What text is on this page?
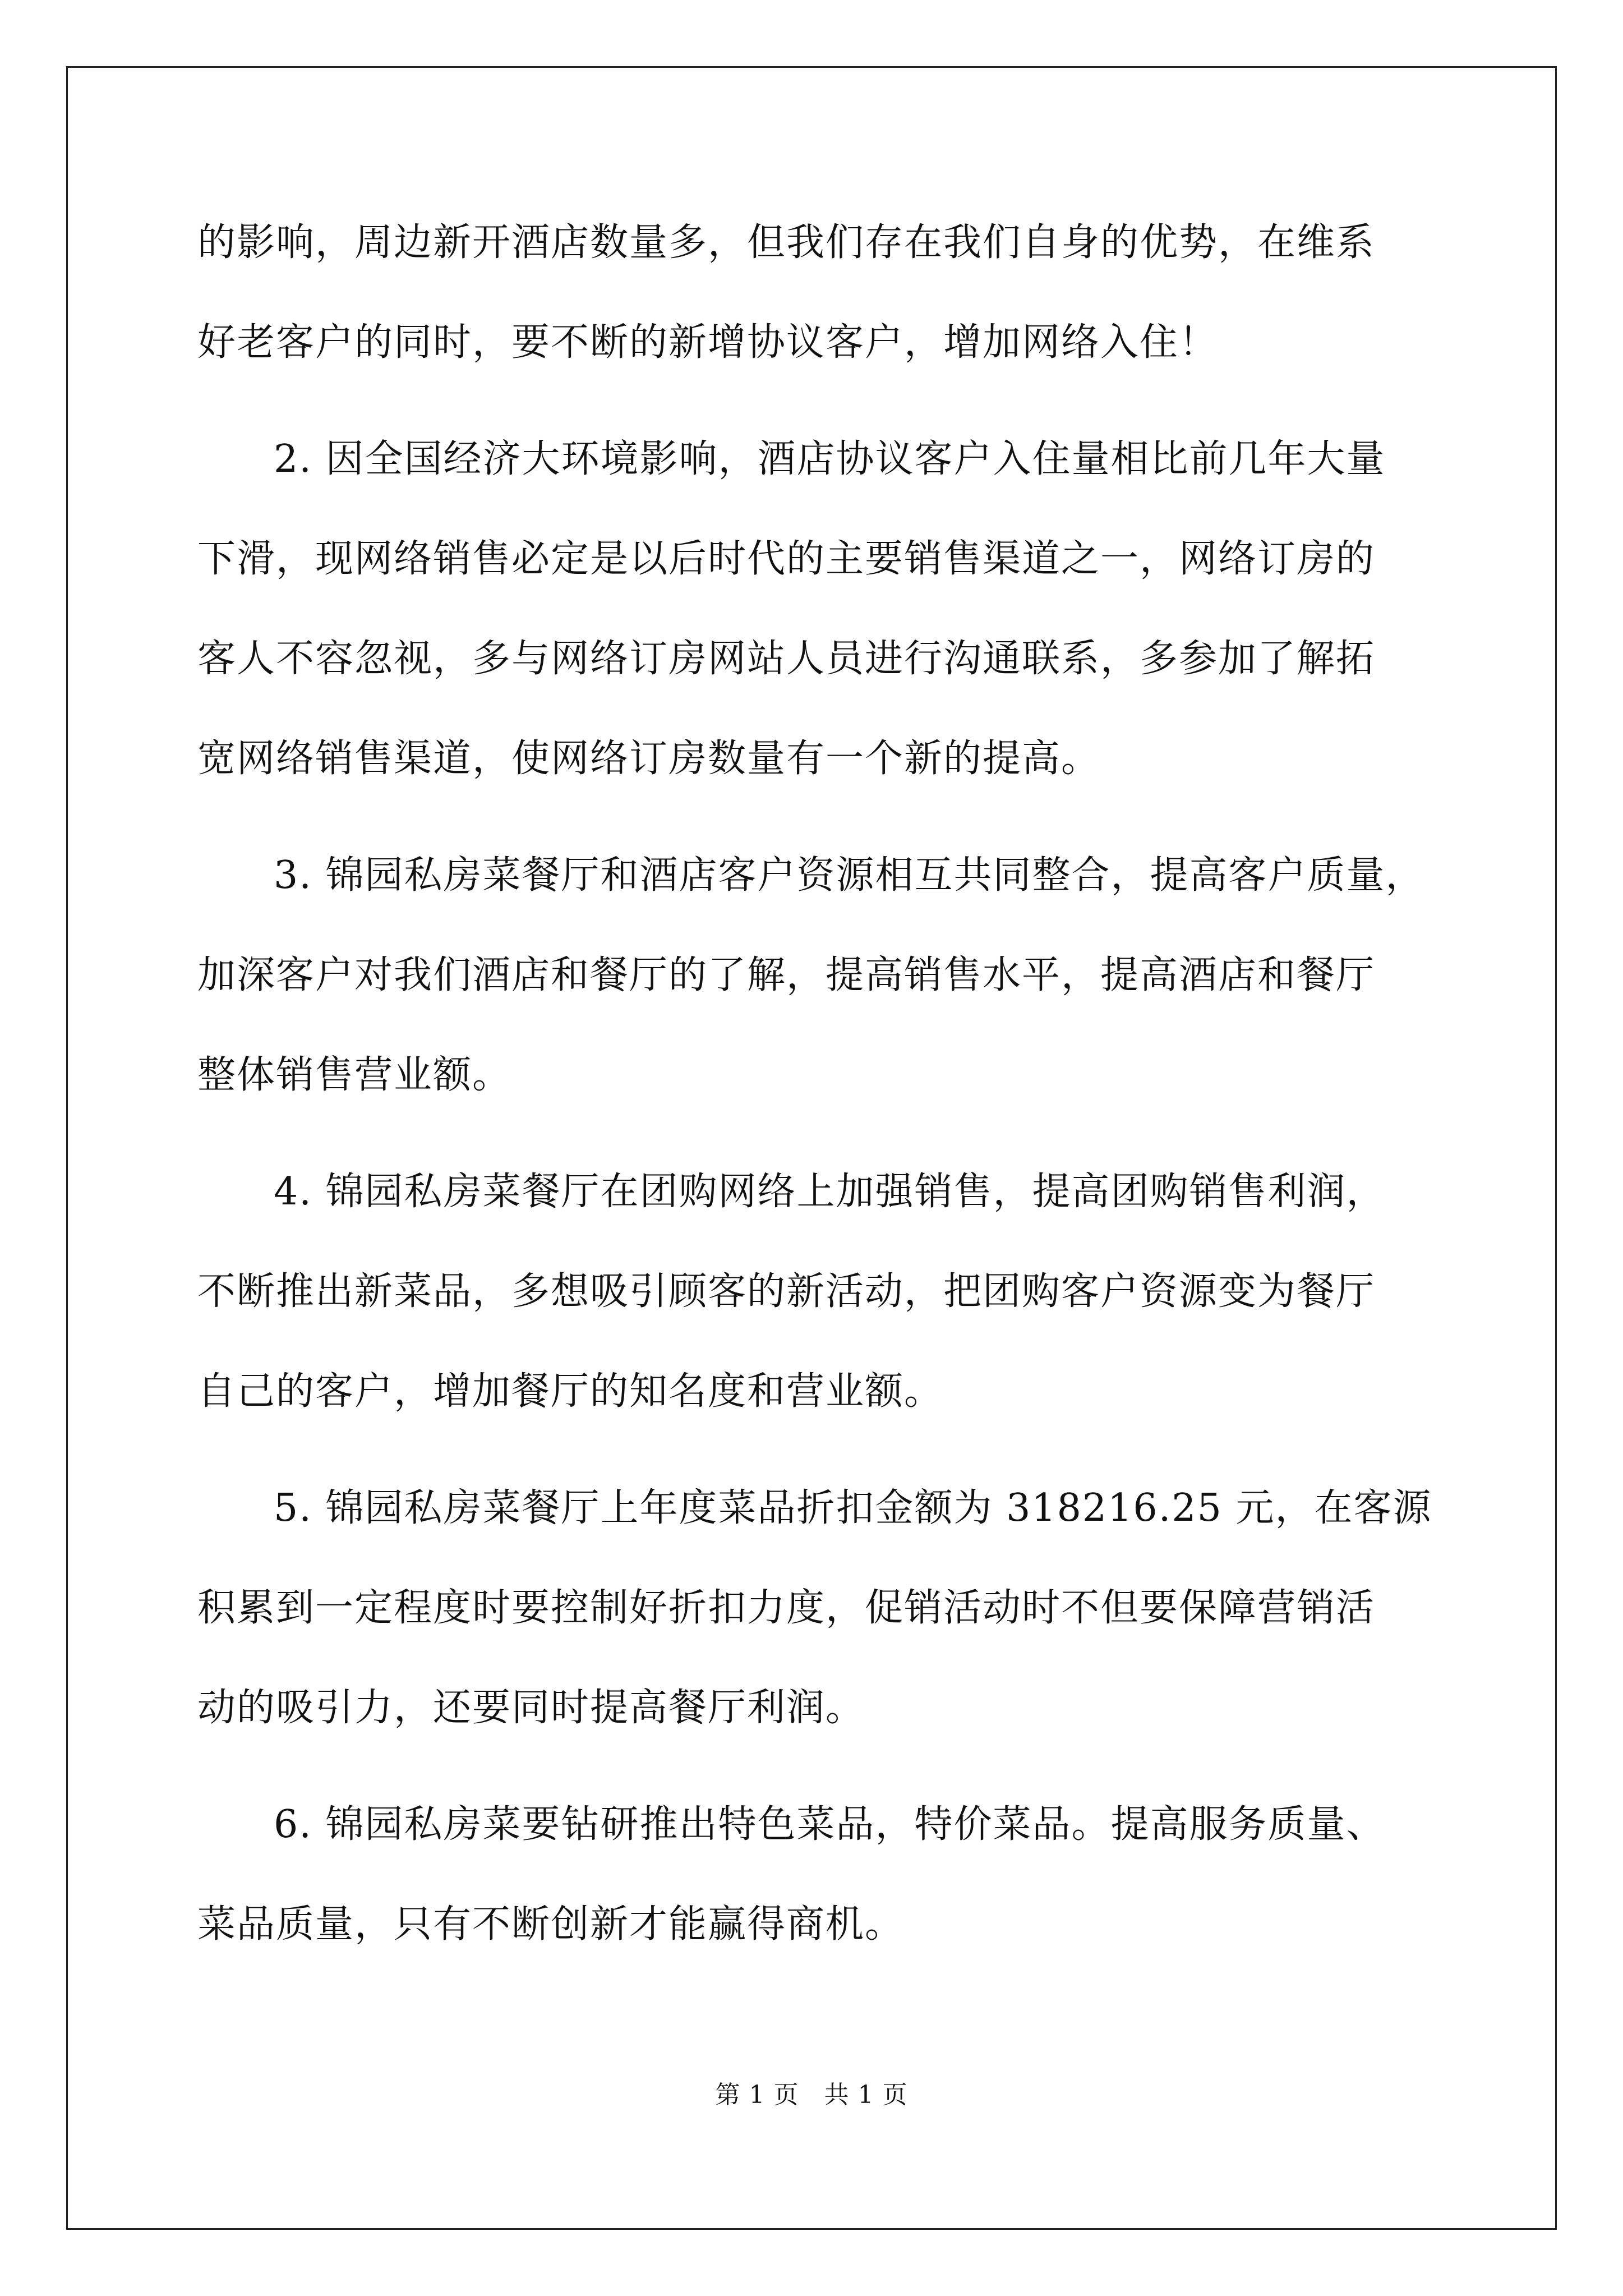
的影响，周边新开酒店数量多，但我们存在我们自身的优势，在维系
好老客户的同时，要不断的新增协议客户，增加网络入住！
2. 因全国经济大环境影响，酒店协议客户入住量相比前几年大量
下滑，现网络销售必定是以后时代的主要销售渠道之一，网络订房的
客人不容忽视，多与网络订房网站人员进行沟通联系，多参加了解拓
宽网络销售渠道，使网络订房数量有一个新的提高。
3. 锦园私房菜餐厅和酒店客户资源相互共同整合，提高客户质量，
加深客户对我们酒店和餐厅的了解，提高销售水平，提高酒店和餐厅
整体销售营业额。
4. 锦园私房菜餐厅在团购网络上加强销售，提高团购销售利润，
不断推出新菜品，多想吸引顾客的新活动，把团购客户资源变为餐厅
自己的客户，增加餐厅的知名度和营业额。
5. 锦园私房菜餐厅上年度菜品折扣金额为 318216.25 元，在客源
积累到一定程度时要控制好折扣力度，促销活动时不但要保障营销活
动的吸引力，还要同时提高餐厅利润。
6. 锦园私房菜要钻研推出特色菜品，特价菜品。提高服务质量、
菜品质量，只有不断创新才能赢得商机。
第 1 页　共 1 页
